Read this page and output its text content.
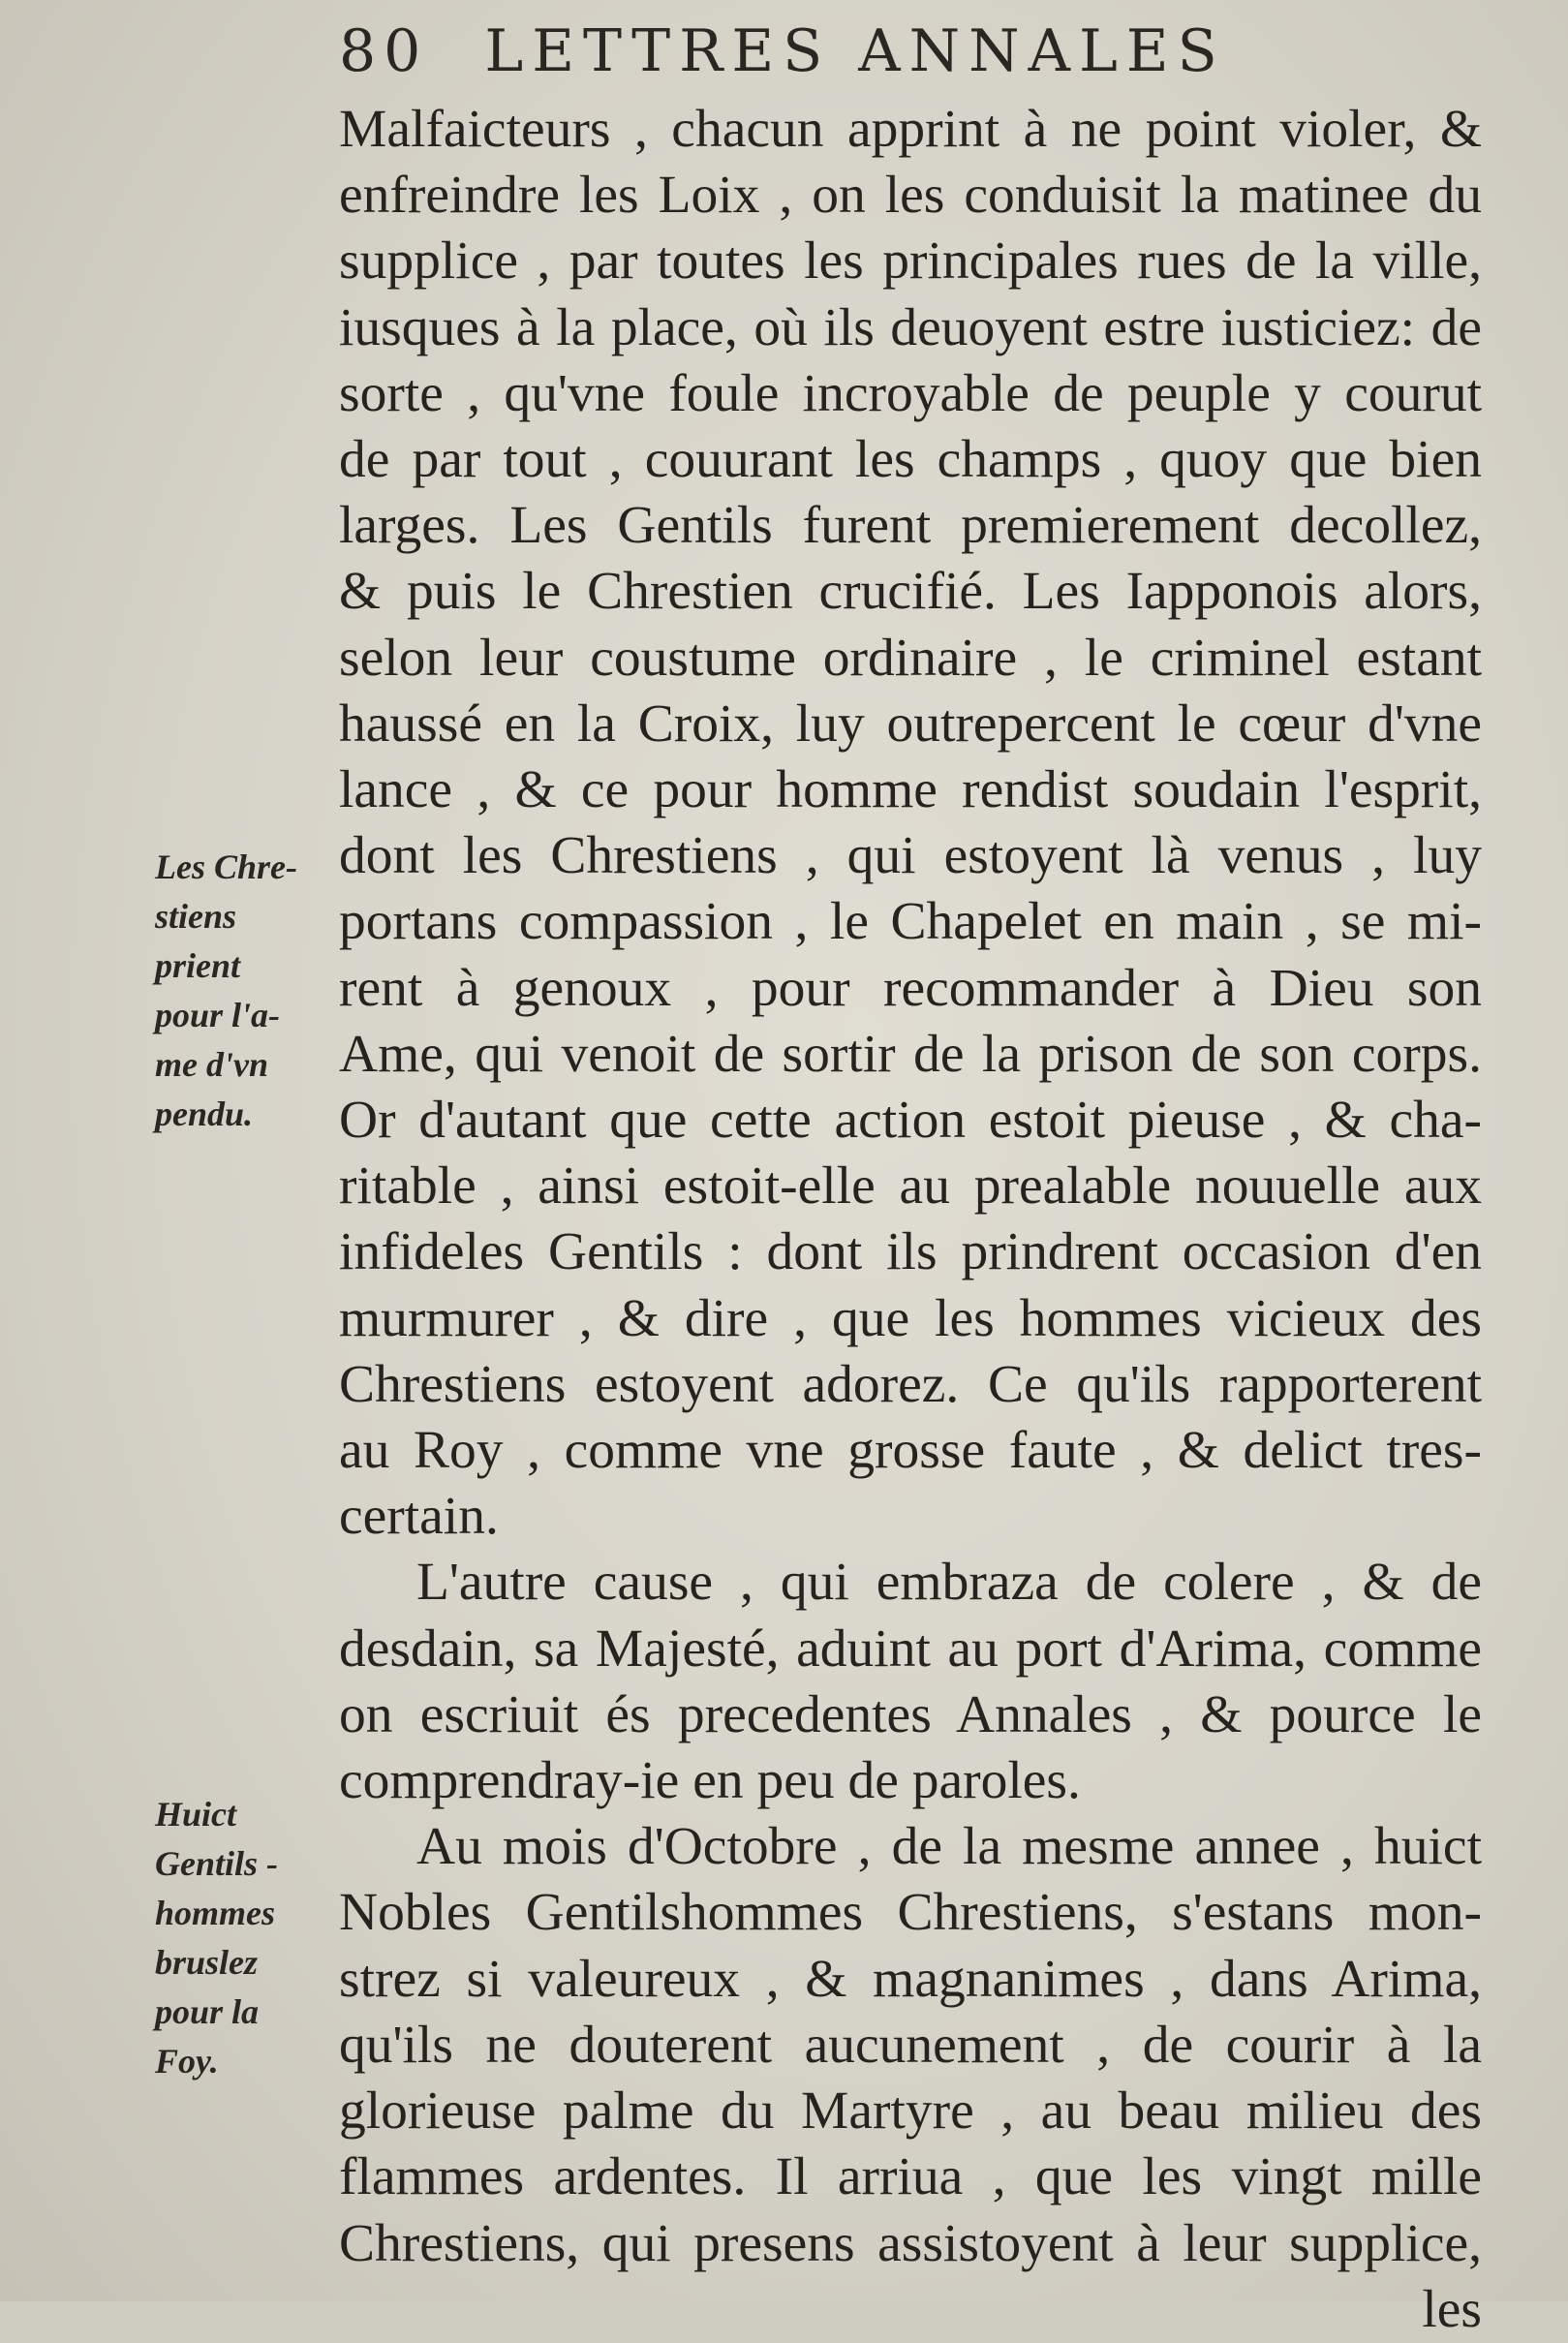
80 LETTRES ANNALES
Malfaicteurs , chacun apprint à ne point violer, &
enfreindre les Loix , on les conduisit la matinee du
supplice , par toutes les principales rues de la ville,
iusques à la place, où ils deuoyent estre iusticiez: de
sorte , qu'vne foule incroyable de peuple y courut
de par tout , couurant les champs , quoy que bien
larges. Les Gentils furent premierement decollez,
& puis le Chrestien crucifié. Les Iapponois alors,
selon leur coustume ordinaire , le criminel estant
haussé en la Croix, luy outrepercent le cœur d'vne
lance , & ce pour homme rendist soudain l'esprit,
dont les Chrestiens , qui estoyent là venus , luy
portans compassion , le Chapelet en main , se mi-
rent à genoux , pour recommander à Dieu son
Ame, qui venoit de sortir de la prison de son corps.
Or d'autant que cette action estoit pieuse , & cha-
ritable , ainsi estoit-elle au prealable nouuelle aux
infideles Gentils : dont ils prindrent occasion d'en
murmurer , & dire , que les hommes vicieux des
Chrestiens estoyent adorez. Ce qu'ils rapporterent
au Roy , comme vne grosse faute , & delict tres-
certain.
L'autre cause , qui embraza de colere , & de
desdain, sa Majesté, aduint au port d'Arima, comme
on escriuit és precedentes Annales , & pource le
comprendray-ie en peu de paroles.
Au mois d'Octobre , de la mesme annee , huict
Nobles Gentilshommes Chrestiens, s'estans mon-
strez si valeureux , & magnanimes , dans Arima,
qu'ils ne douterent aucunement , de courir à la
glorieuse palme du Martyre , au beau milieu des
flammes ardentes. Il arriua , que les vingt mille
Chrestiens, qui presens assistoyent à leur supplice,
les
Les Chre-
stiens
prient
pour l'a-
me d'vn
pendu.
Huict
Gentils -
hommes
bruslez
pour la
Foy.
